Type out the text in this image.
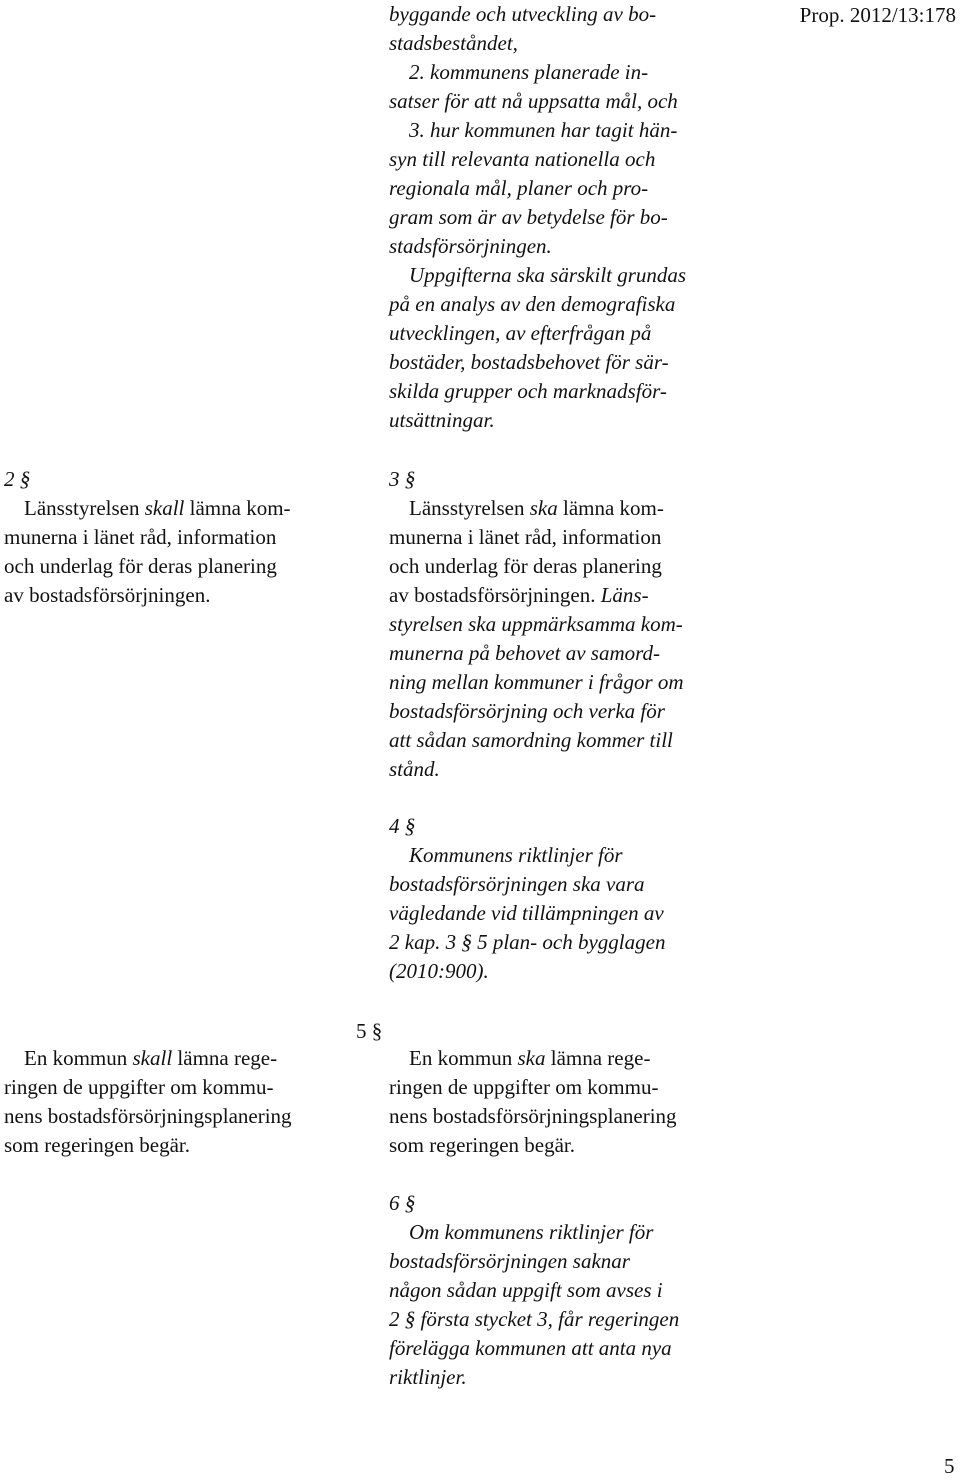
Prop. 2012/13:178

byggande och utveckling av bo-

stadsbeståndet,

2. kommunens planerade in-

satser för att nå uppsatta mål, och

3. hur kommunen har tagit hän-

syn till relevanta nationella och

regionala mål, planer och pro-

gram som är av betydelse för bo-

stadsförsörjningen.

Uppgifterna ska särskilt grundas

på en analys av den demografiska

utvecklingen, av efterfrågan på

bostäder, bostadsbehovet för sär-

skilda grupper och marknadsför-

utsättningar.

2 §

Länsstyrelsen skall lämna kom-

munerna i länet råd, information

och underlag för deras planering

av bostadsförsörjningen.

3 §

Länsstyrelsen ska lämna kom-

munerna i länet råd, information

och underlag för deras planering

av bostadsförsörjningen. Läns-

styrelsen ska uppmärksamma kom-

munerna på behovet av samord-

ning mellan kommuner i frågor om

bostadsförsörjning och verka för

att sådan samordning kommer till

stånd.

4 §

Kommunens riktlinjer för

bostadsförsörjningen ska vara

vägledande vid tillämpningen av

2 kap. 3 § 5 plan- och bygglagen

(2010:900).

5 §

En kommun skall lämna rege-

ringen de uppgifter om kommu-

nens bostadsförsörjningsplanering

som regeringen begär.

En kommun ska lämna rege-

ringen de uppgifter om kommu-

nens bostadsförsörjningsplanering

som regeringen begär.

6 §

Om kommunens riktlinjer för

bostadsförsörjningen saknar

någon sådan uppgift som avses i

2 § första stycket 3, får regeringen

förelägga kommunen att anta nya

riktlinjer.

5
